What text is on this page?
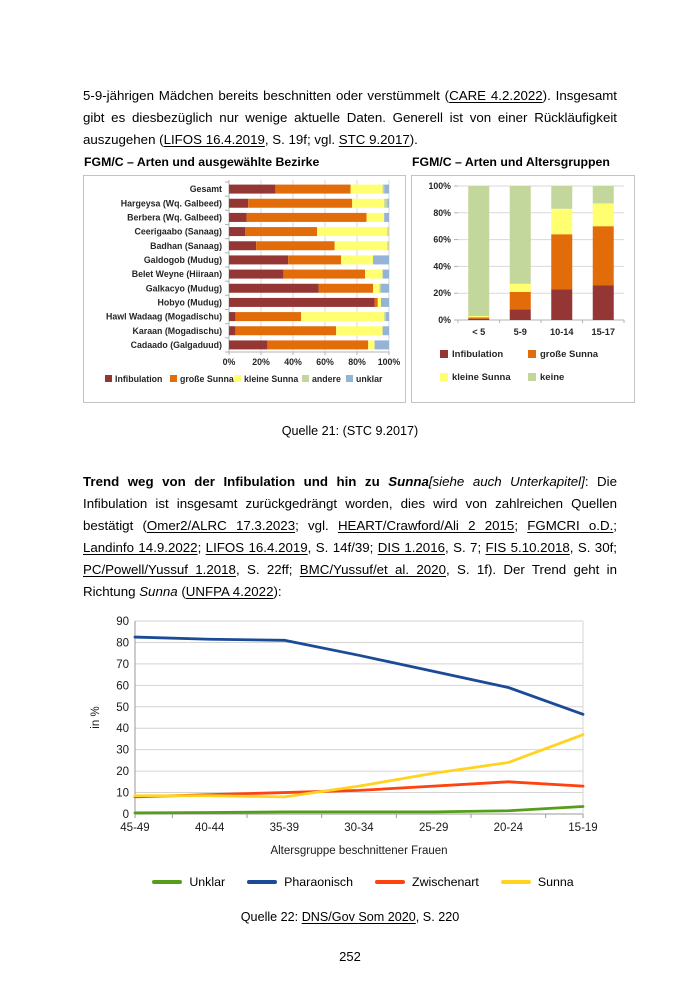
5-9-jährigen Mädchen bereits beschnitten oder verstümmelt (CARE 4.2.2022). Insgesamt gibt es diesbezüglich nur wenige aktuelle Daten. Generell ist von einer Rückläufigkeit auszugehen (LIFOS 16.4.2019, S. 19f; vgl. STC 9.2017).

FGM/C – Arten und ausgewählte Bezirke
Gesamt
Hargeysa (Wq. Galbeed)
Berbera (Wq. Galbeed)
Ceerigaabo (Sanaag)
Badhan (Sanaag)
Galdogob (Mudug)
Belet Weyne (Hiiraan)
Galkacyo (Mudug)
Hobyo (Mudug)
Hawl Wadaag (Mogadischu)
Karaan (Mogadischu)
Cadaado (Galgaduud)
0% 20% 40% 60% 80% 100%
Infibulation große Sunna kleine Sunna andere unklar
FGM/C – Arten und Altersgruppen
0%
20%
40%
60%
80%
100%
< 5	5-9	10-14 15-17
Infibulation	große Sunna
kleine Sunna	keine

Quelle 21: (STC 9.2017)

Trend weg von der Infibulation und hin zu Sunna[siehe auch Unterkapitel]: Die Infibulation ist insgesamt zurückgedrängt worden, dies wird von zahlreichen Quellen bestätigt (Omer2/ALRC 17.3.2023; vgl. HEART/Crawford/Ali 2 2015; FGMCRI o.D.; Landinfo 14.9.2022; LIFOS 16.4.2019, S. 14f/39; DIS 1.2016, S. 7; FIS 5.10.2018, S. 30f; PC/Powell/Yussuf 1.2018, S. 22ff; BMC/Yussuf/et al. 2020, S. 1f). Der Trend geht in Richtung Sunna (UNFPA 4.2022):

0
10
20
30
40
50
60
70
80
90
45-49	40-44	35-39	30-34	25-29	20-24	15-19
Altersgruppe beschnittener Frauen
in %
Unklar	Pharaonisch	Zwischenart	Sunna

Quelle 22: DNS/Gov Som 2020, S. 220

252
